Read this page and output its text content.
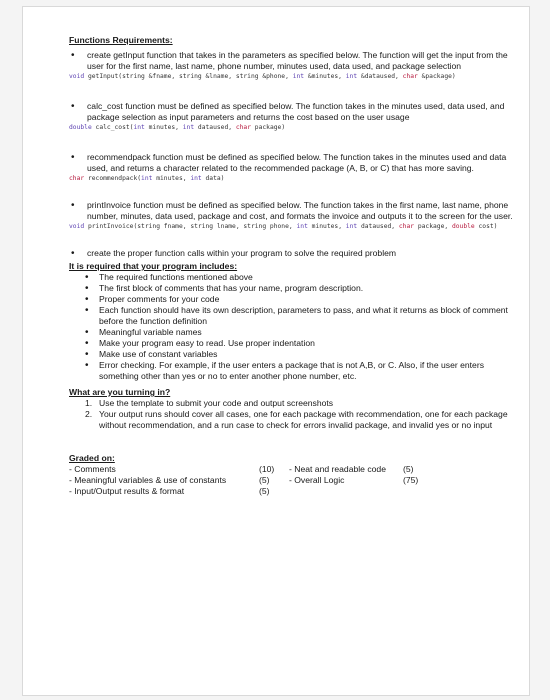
Functions Requirements:
• create getInput function that takes in the parameters as specified below. The function will get the input from the user for the first name, last name, phone number, minutes used, data used, and package selection
void getInput(string &fname, string &lname, string &phone, int &minutes, int &dataused, char &package)
• calc_cost function must be defined as specified below. The function takes in the minutes used, data used, and package selection as input parameters and returns the cost based on the user usage
double calc_cost(int minutes, int dataused, char package)
• recommendpack function must be defined as specified below. The function takes in the minutes used and data used, and returns a character related to the recommended package (A, B, or C) that has more saving.
char recommendpack(int minutes, int data)
• printInvoice function must be defined as specified below. The function takes in the first name, last name, phone number, minutes, data used, package and cost, and formats the invoice and outputs it to the screen for the user.
void printInvoice(string fname, string lname, string phone, int minutes, int dataused, char package, double cost)
• create the proper function calls within your program to solve the required problem
It is required that your program includes:
• The required functions mentioned above
• The first block of comments that has your name, program description.
• Proper comments for your code
• Each function should have its own description, parameters to pass, and what it returns as block of comment before the function definition
• Meaningful variable names
• Make your program easy to read. Use proper indentation
• Make use of constant variables
• Error checking. For example, if the user enters a package that is not A,B, or C. Also, if the user enters something other than yes or no to enter another phone number, etc.
What are you turning in?
1. Use the template to submit your code and output screenshots
2. Your output runs should cover all cases, one for each package with recommendation, one for each package without recommendation, and a run case to check for errors invalid package, and invalid yes or no input
Graded on:
- Comments	(10)	- Neat and readable code	(5)
- Meaningful variables & use of constants	(5)	- Overall Logic	(75)
- Input/Output results & format	(5)
